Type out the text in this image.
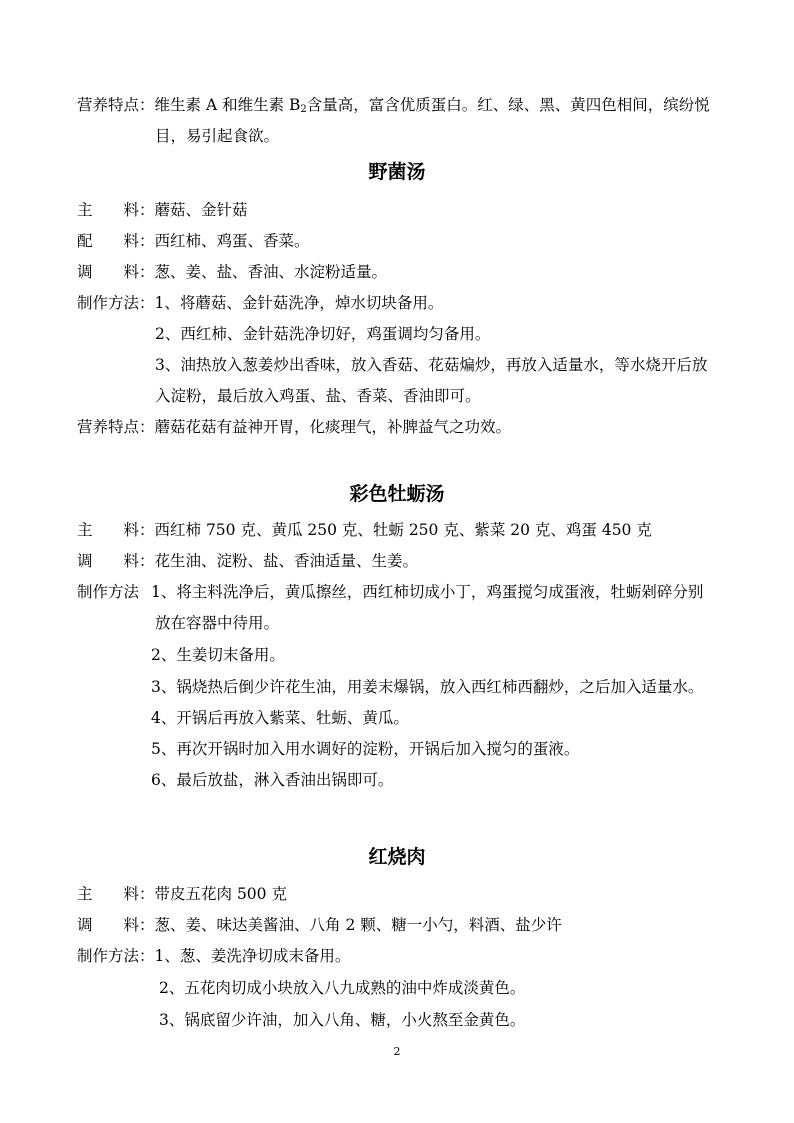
营养特点：维生素 A 和维生素 $B_2$含量高，富含优质蛋白。红、绿、黑、黄四色相间，缤纷悦
目，易引起食欲。
野菌汤
主　　料：蘑菇、金针菇
配　　料：西红柿、鸡蛋、香菜。
调　　料：葱、姜、盐、香油、水淀粉适量。
制作方法：1、将蘑菇、金针菇洗净，焯水切块备用。
2、西红柿、金针菇洗净切好，鸡蛋调均匀备用。
3、油热放入葱姜炒出香味，放入香菇、花菇煸炒，再放入适量水，等水烧开后放
入淀粉，最后放入鸡蛋、盐、香菜、香油即可。
营养特点：蘑菇花菇有益神开胃，化痰理气，补脾益气之功效。
彩色牡蛎汤
主　　料：西红柿 750 克、黄瓜 250 克、牡蛎 250 克、紫菜 20 克、鸡蛋 450 克
调　　料：花生油、淀粉、盐、香油适量、生姜。
制作方法 1、将主料洗净后，黄瓜擦丝，西红柿切成小丁，鸡蛋搅匀成蛋液，牡蛎剁碎分别
放在容器中待用。
2、生姜切末备用。
3、锅烧热后倒少许花生油，用姜末爆锅，放入西红柿西翻炒，之后加入适量水。
4、开锅后再放入紫菜、牡蛎、黄瓜。
5、再次开锅时加入用水调好的淀粉，开锅后加入搅匀的蛋液。
6、最后放盐，淋入香油出锅即可。
红烧肉
主　　料：带皮五花肉 500 克
调　　料：葱、姜、味达美酱油、八角 2 颗、糖一小勺，料酒、盐少许
制作方法：1、葱、姜洗净切成末备用。
2、五花肉切成小块放入八九成熟的油中炸成淡黄色。
3、锅底留少许油，加入八角、糖，小火熬至金黄色。
2
